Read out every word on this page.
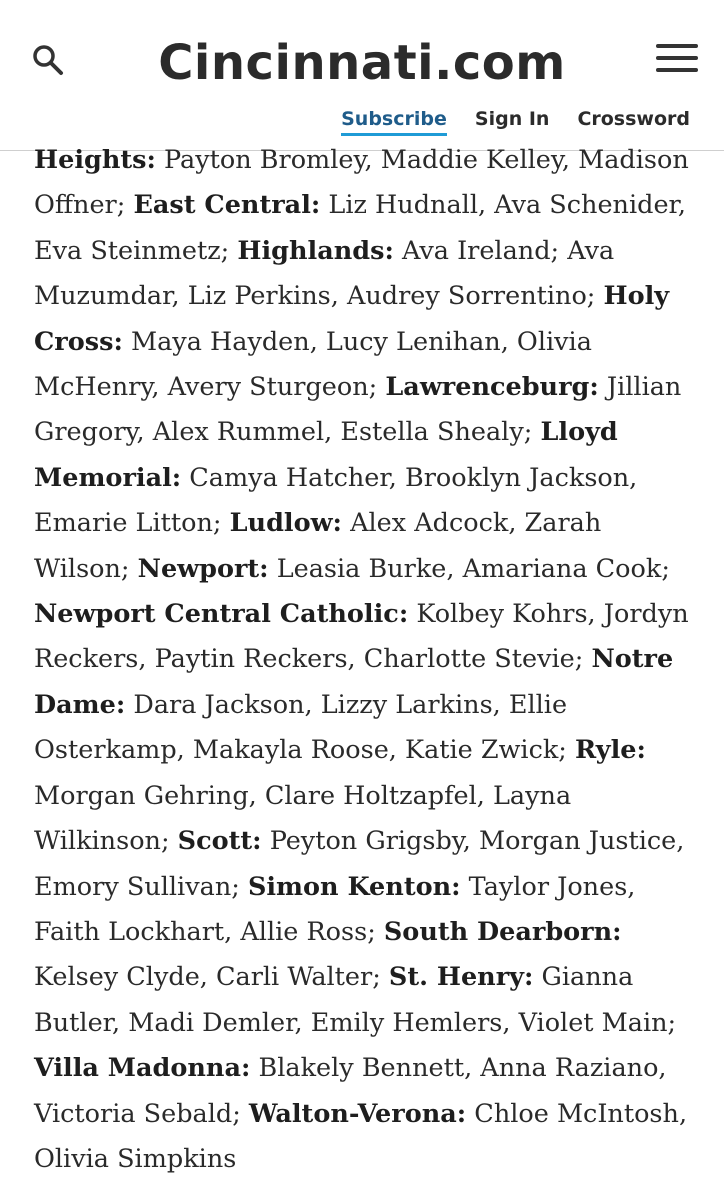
Cincinnati.com
Subscribe Sign In Crossword

Heights: Payton Bromley, Maddie Kelley, Madison Offner; East Central: Liz Hudnall, Ava Schenider, Eva Steinmetz; Highlands: Ava Ireland; Ava Muzumdar, Liz Perkins, Audrey Sorrentino; Holy Cross: Maya Hayden, Lucy Lenihan, Olivia McHenry, Avery Sturgeon; Lawrenceburg: Jillian Gregory, Alex Rummel, Estella Shealy; Lloyd Memorial: Camya Hatcher, Brooklyn Jackson, Emarie Litton; Ludlow: Alex Adcock, Zarah Wilson; Newport: Leasia Burke, Amariana Cook; Newport Central Catholic: Kolbey Kohrs, Jordyn Reckers, Paytin Reckers, Charlotte Stevie; Notre Dame: Dara Jackson, Lizzy Larkins, Ellie Osterkamp, Makayla Roose, Katie Zwick; Ryle: Morgan Gehring, Clare Holtzapfel, Layna Wilkinson; Scott: Peyton Grigsby, Morgan Justice, Emory Sullivan; Simon Kenton: Taylor Jones, Faith Lockhart, Allie Ross; South Dearborn: Kelsey Clyde, Carli Walter; St. Henry: Gianna Butler, Madi Demler, Emily Hemlers, Violet Main; Villa Madonna: Blakely Bennett, Anna Raziano, Victoria Sebald; Walton-Verona: Chloe McIntosh, Olivia Simpkins
